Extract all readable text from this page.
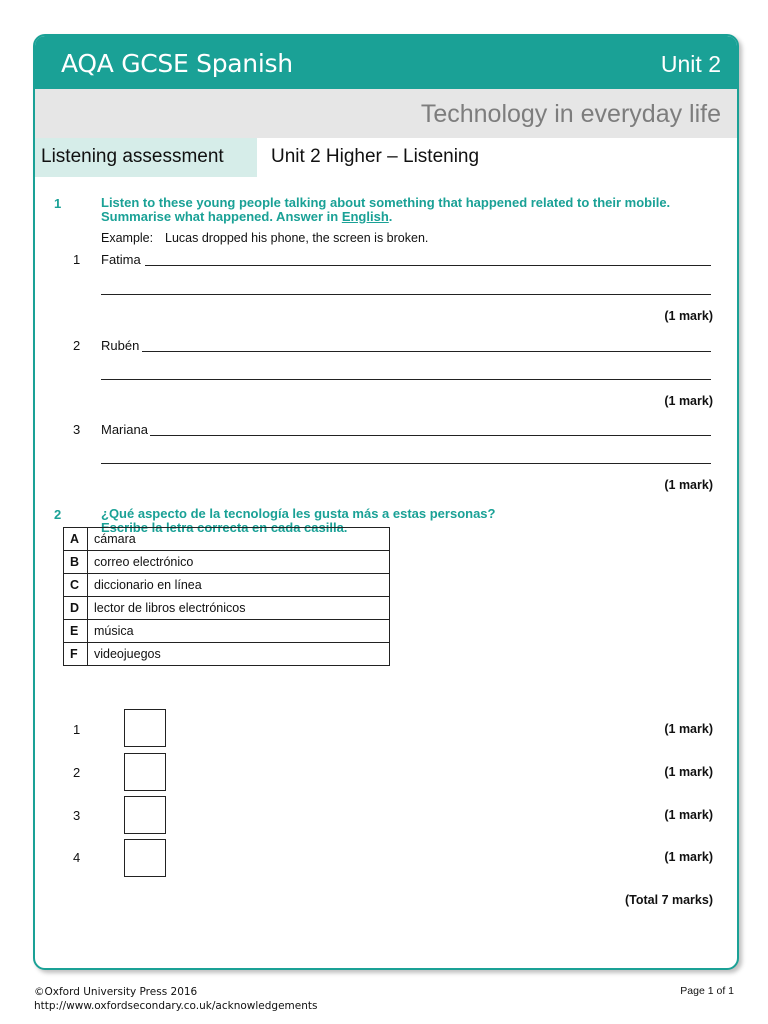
AQA GCSE Spanish	Unit 2
Technology in everyday life
Listening assessment Unit 2 Higher – Listening
1	Listen to these young people talking about something that happened related to their mobile.
Summarise what happened. Answer in English.
Example: Lucas dropped his phone, the screen is broken.
1 Fatima
(1 mark)
2 Rubén
(1 mark)
3 Mariana
(1 mark)
2	¿Qué aspecto de la tecnología les gusta más a estas personas?
Escribe la letra correcta en cada casilla.
A	cámara
B	correo electrónico
C	diccionario en línea
D	lector de libros electrónicos
E	música
F	videojuegos
1	(1 mark)
2	(1 mark)
3	(1 mark)
4	(1 mark)
(Total 7 marks)
©Oxford University Press 2016
http://www.oxfordsecondary.co.uk/acknowledgements
Page 1 of 1
